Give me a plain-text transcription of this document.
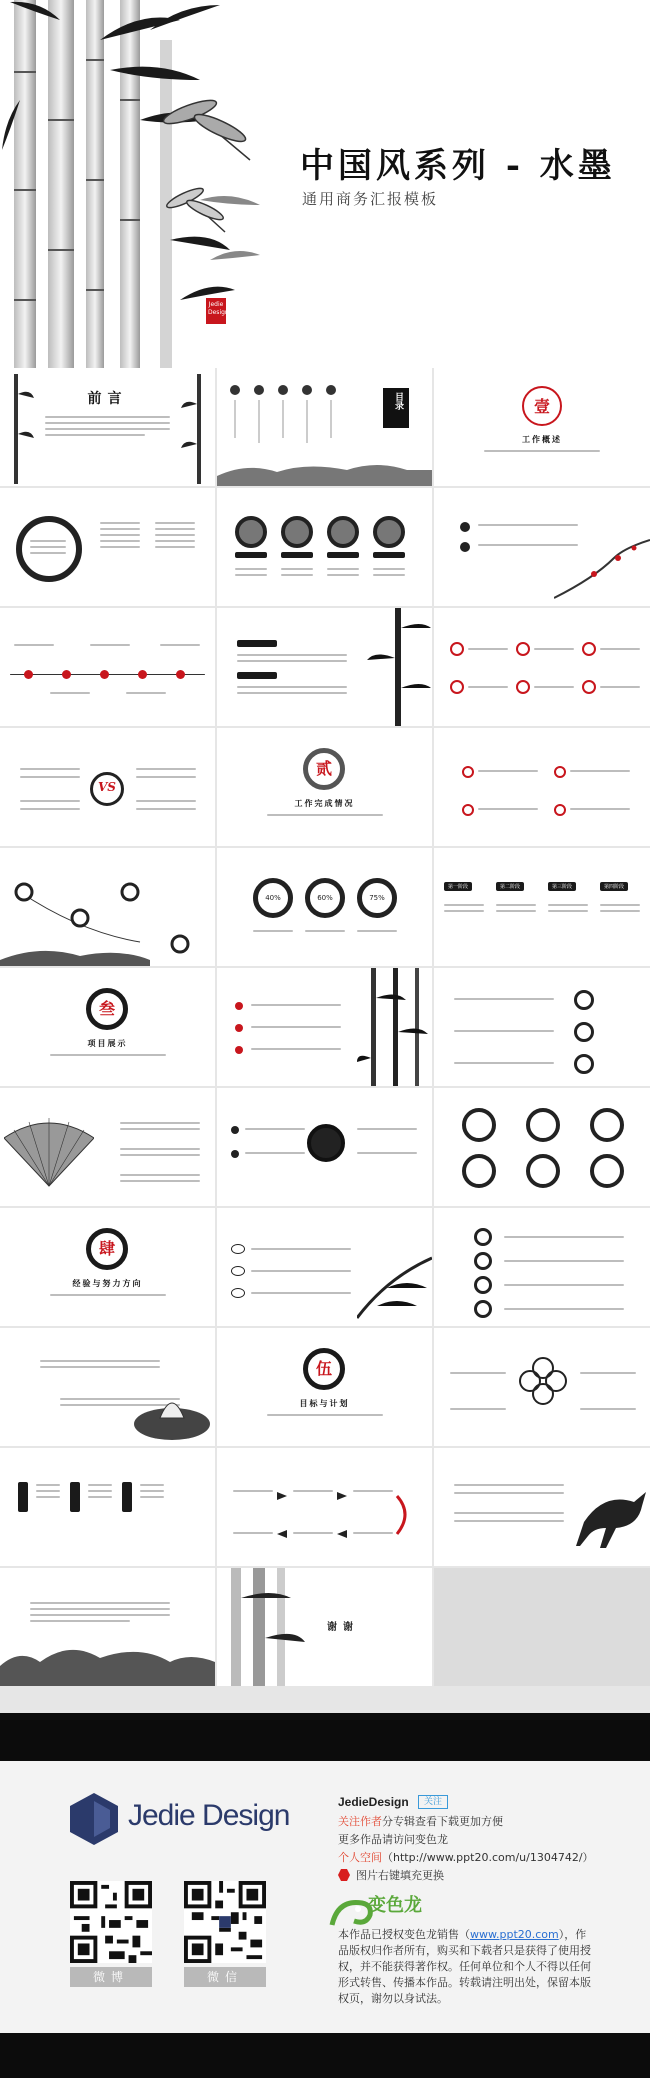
中国风系列 - 水墨
通用商务汇报模板
Jedie Design
前言	目录	壹
工作概述
VS
贰
工作完成情况
40%	60%	75%
第一阶段	第二阶段	第三阶段	第四阶段
叁
项目展示
肆
经验与努力方向
伍
目标与计划
谢谢
Jedie Design
微博	微信
JedieDesign	关注
关注作者分专辑查看下载更加方便
更多作品请访问变色龙
个人空间（http://www.ppt20.com/u/1304742/）
图片右键填充更换
变色龙
本作品已授权变色龙销售（www.ppt20.com），作品版权归作者所有，购买和下载者只是获得了使用授权，并不能获得著作权。任何单位和个人不得以任何形式转售、传播本作品。转载请注明出处，保留本版权页，谢勿以身试法。
